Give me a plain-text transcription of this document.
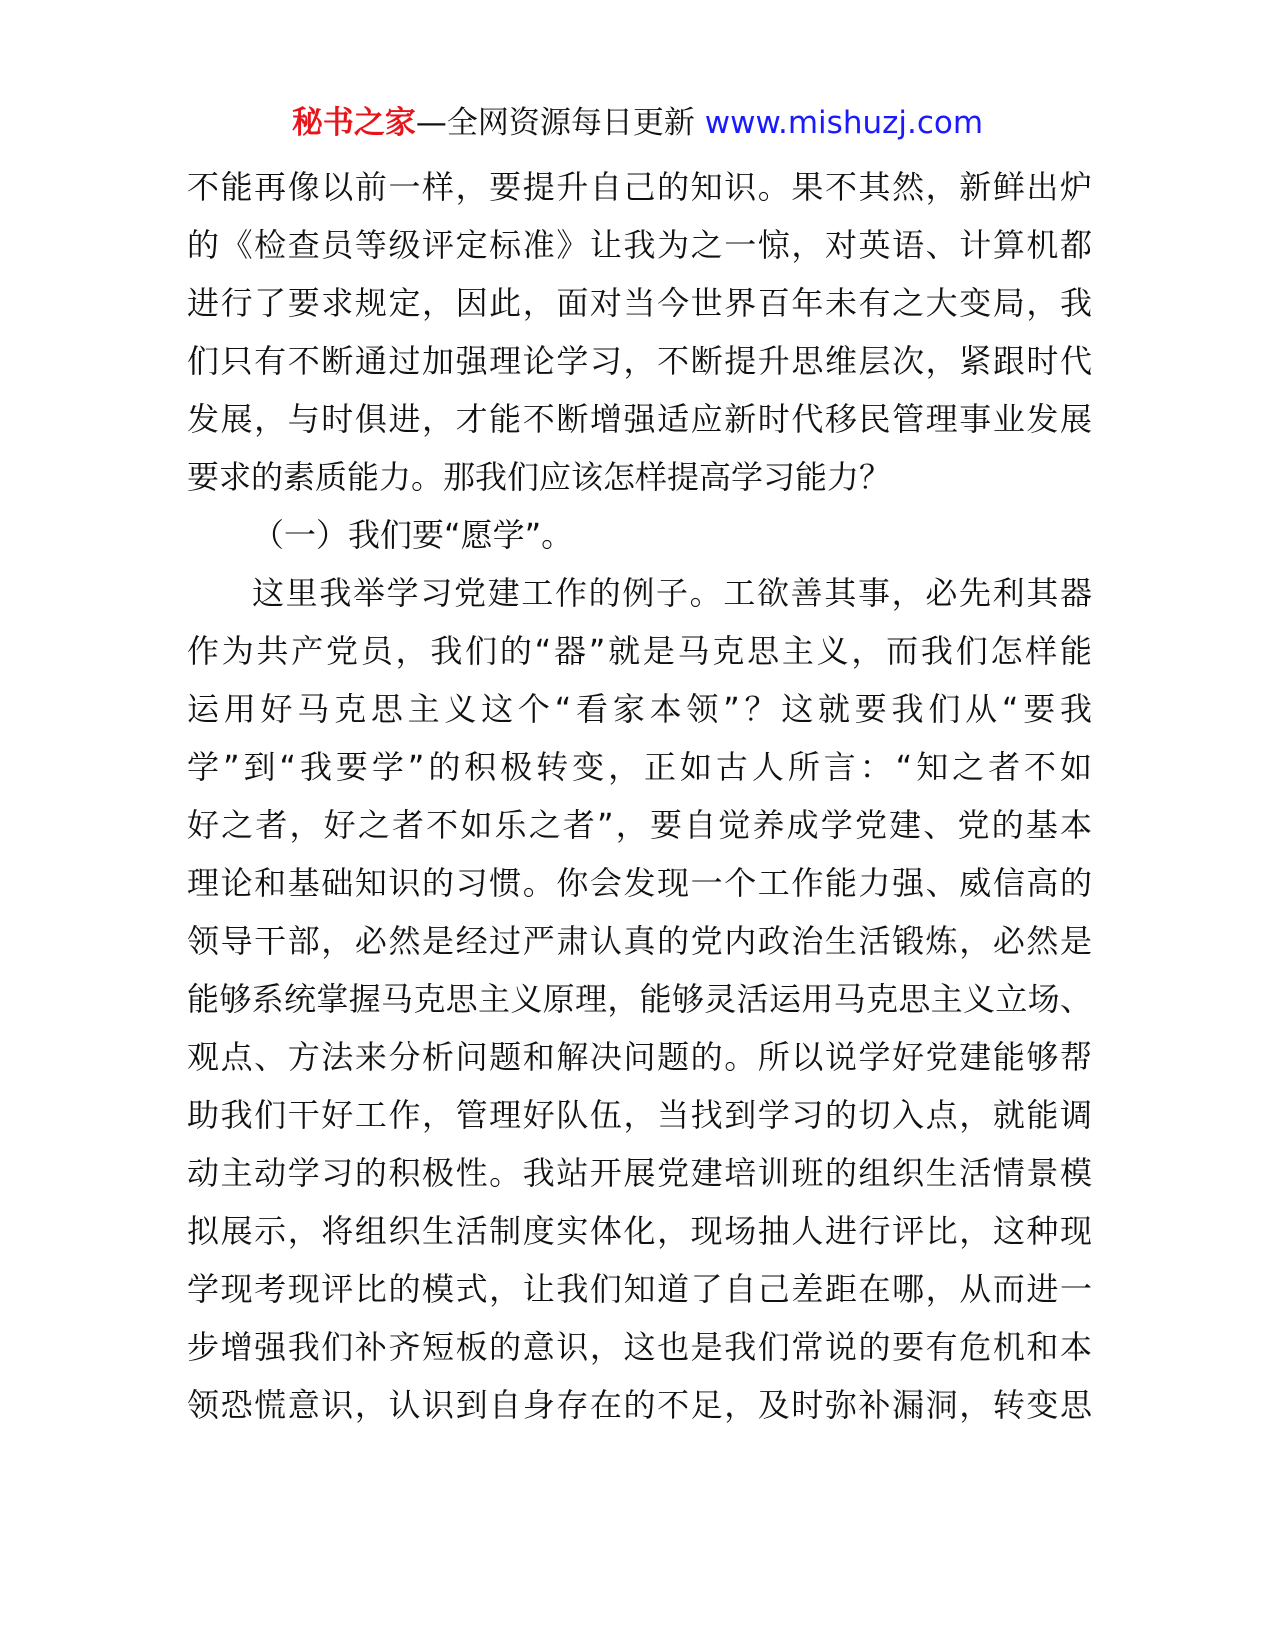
秘书之家—全网资源每日更新 www.mishuzj.com
不能再像以前一样，要提升自己的知识。果不其然，新鲜出炉
的《检查员等级评定标准》让我为之一惊，对英语、计算机都
进行了要求规定，因此，面对当今世界百年未有之大变局，我
们只有不断通过加强理论学习，不断提升思维层次，紧跟时代
发展，与时俱进，才能不断增强适应新时代移民管理事业发展
要求的素质能力。那我们应该怎样提高学习能力？
（一）我们要“愿学”。
这里我举学习党建工作的例子。工欲善其事，必先利其器
作为共产党员，我们的“器”就是马克思主义，而我们怎样能
运用好马克思主义这个“看家本领”？这就要我们从“要我
学”到“我要学”的积极转变，正如古人所言：“知之者不如
好之者，好之者不如乐之者”，要自觉养成学党建、党的基本
理论和基础知识的习惯。你会发现一个工作能力强、威信高的
领导干部，必然是经过严肃认真的党内政治生活锻炼，必然是
能够系统掌握马克思主义原理，能够灵活运用马克思主义立场、
观点、方法来分析问题和解决问题的。所以说学好党建能够帮
助我们干好工作，管理好队伍，当找到学习的切入点，就能调
动主动学习的积极性。我站开展党建培训班的组织生活情景模
拟展示，将组织生活制度实体化，现场抽人进行评比，这种现
学现考现评比的模式，让我们知道了自己差距在哪，从而进一
步增强我们补齐短板的意识，这也是我们常说的要有危机和本
领恐慌意识，认识到自身存在的不足，及时弥补漏洞，转变思
